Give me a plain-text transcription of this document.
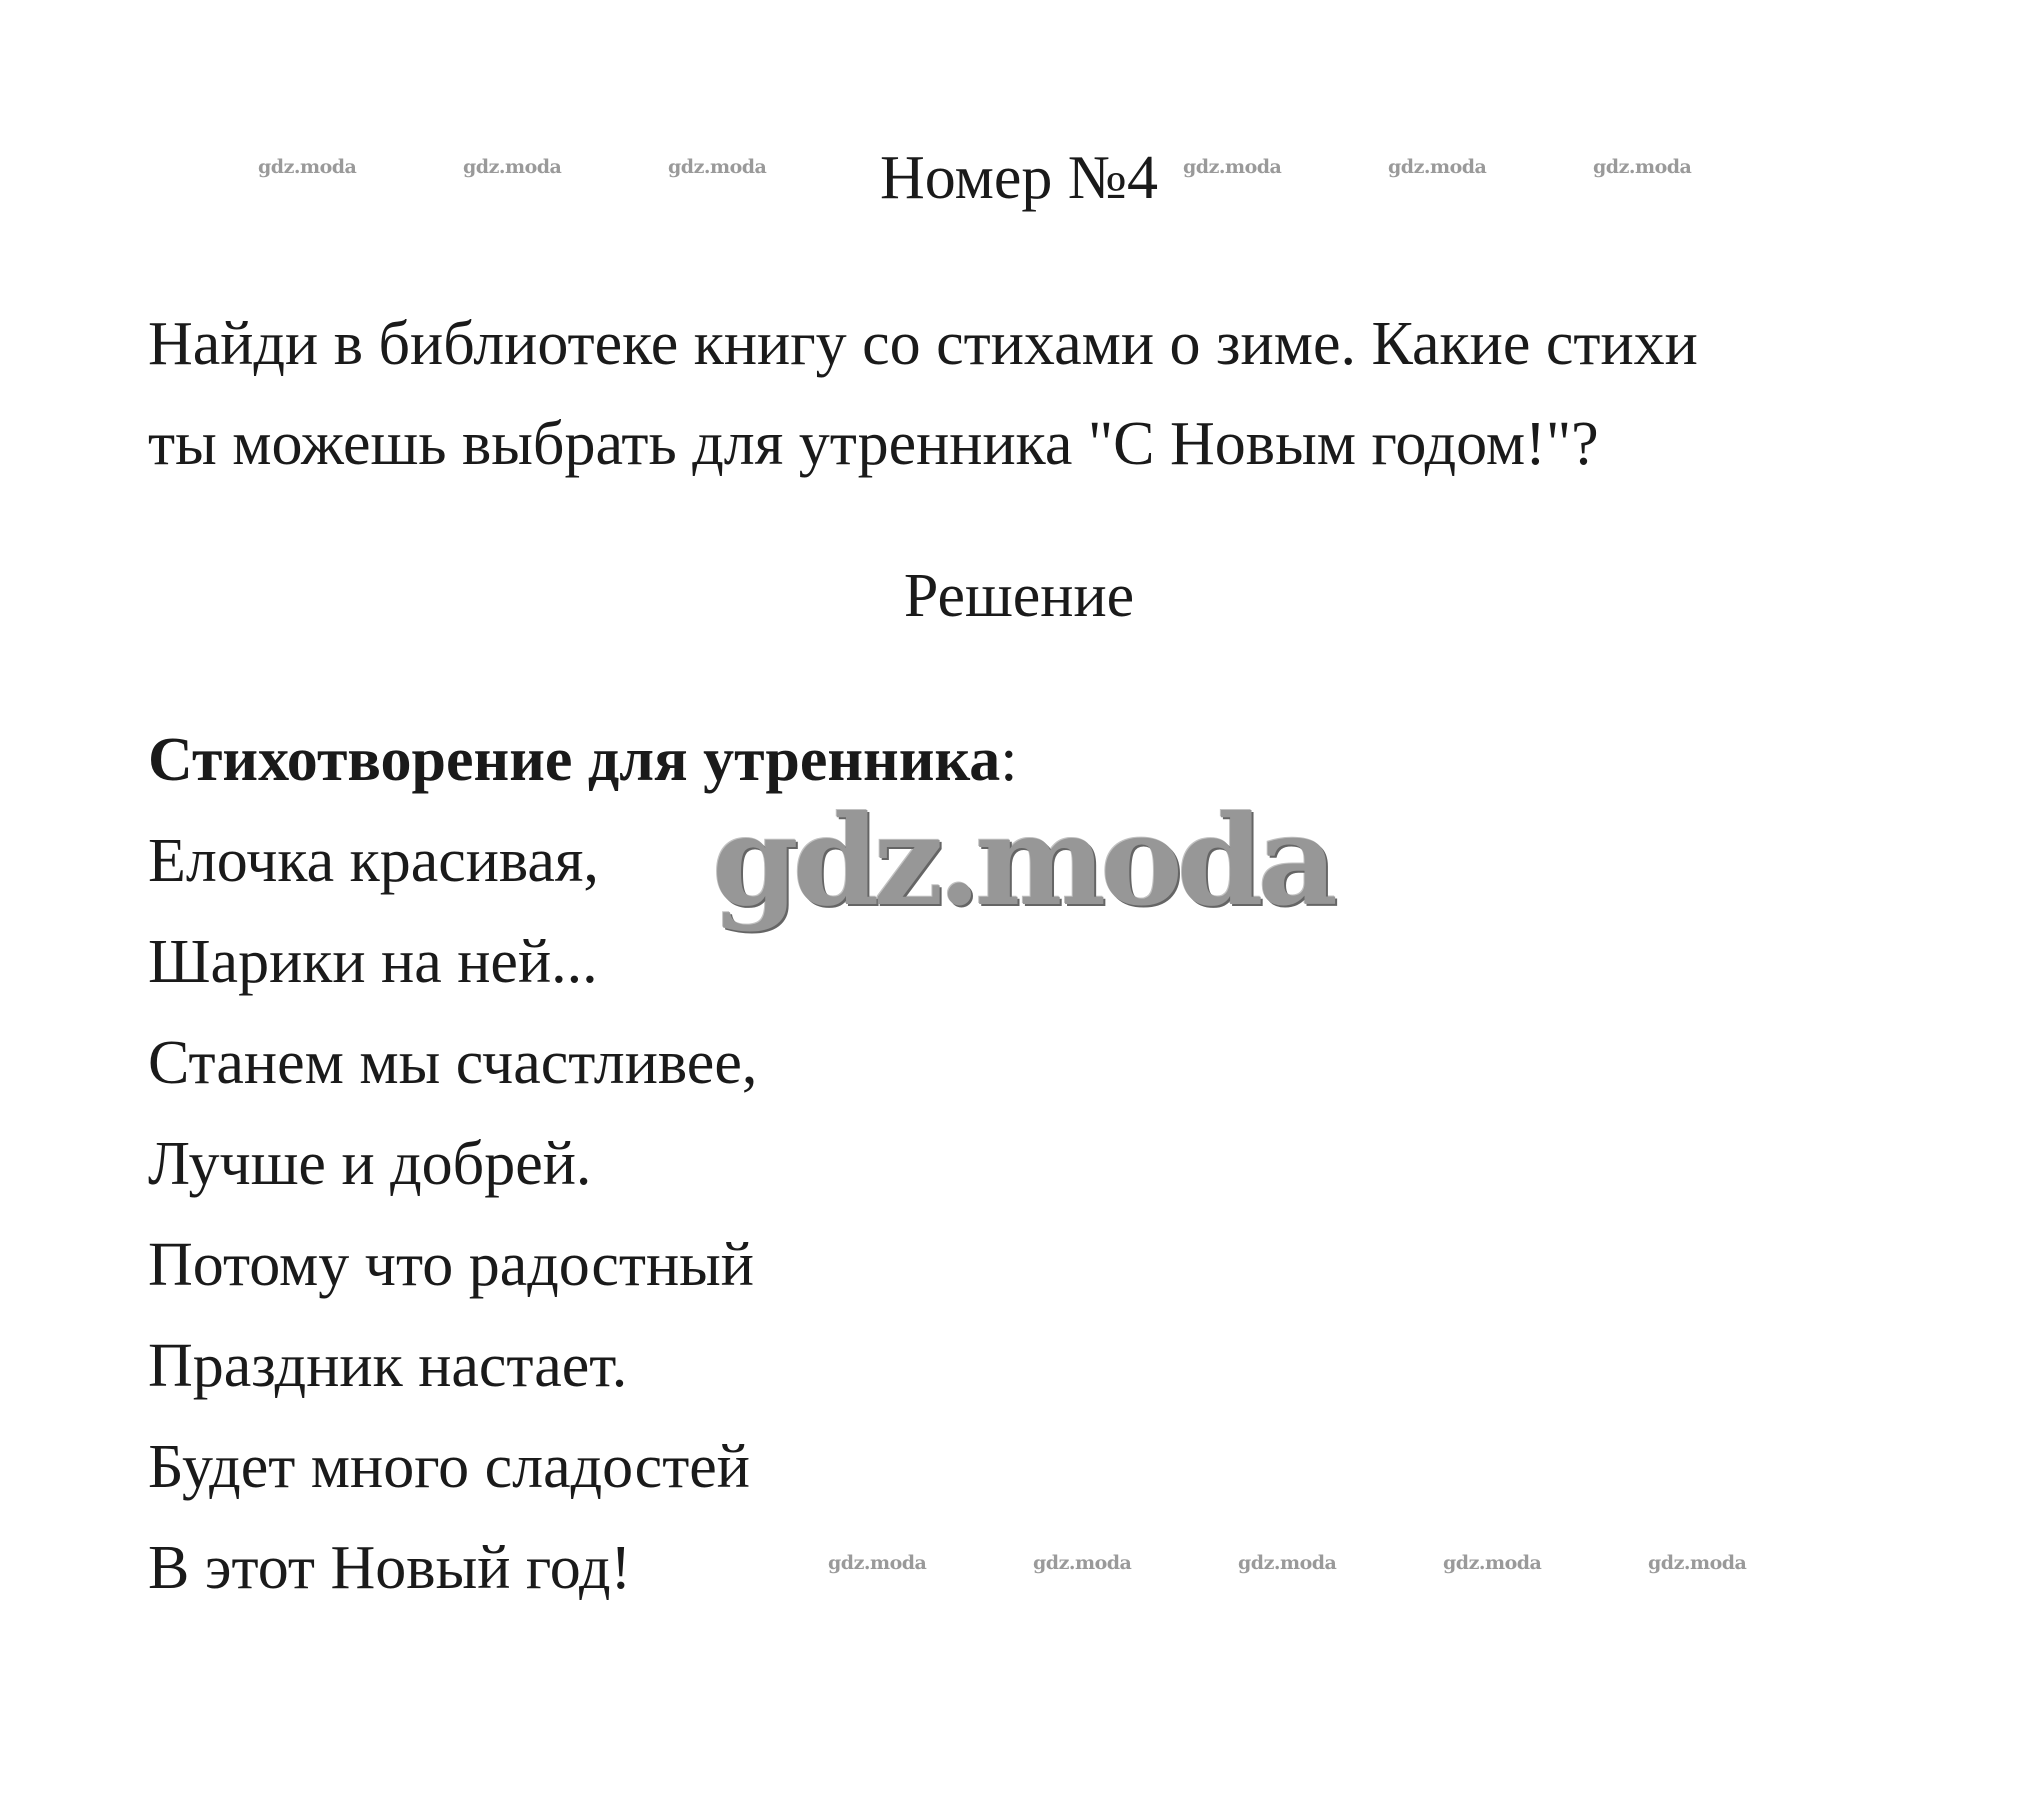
gdz.moda	gdz.moda	gdz.moda	gdz.moda	gdz.moda	gdz.moda
Номер №4
Найди в библиотеке книгу со стихами о зиме. Какие стихи
ты можешь выбрать для утренника "С Новым годом!"?
Решение
Стихотворение для утренника:
Елочка красивая,
Шарики на ней...
Станем мы счастливее,
Лучше и добрей.
Потому что радостный
Праздник настает.
Будет много сладостей
В этот Новый год!
gdz.moda
gdz.moda	gdz.moda	gdz.moda	gdz.moda	gdz.moda
